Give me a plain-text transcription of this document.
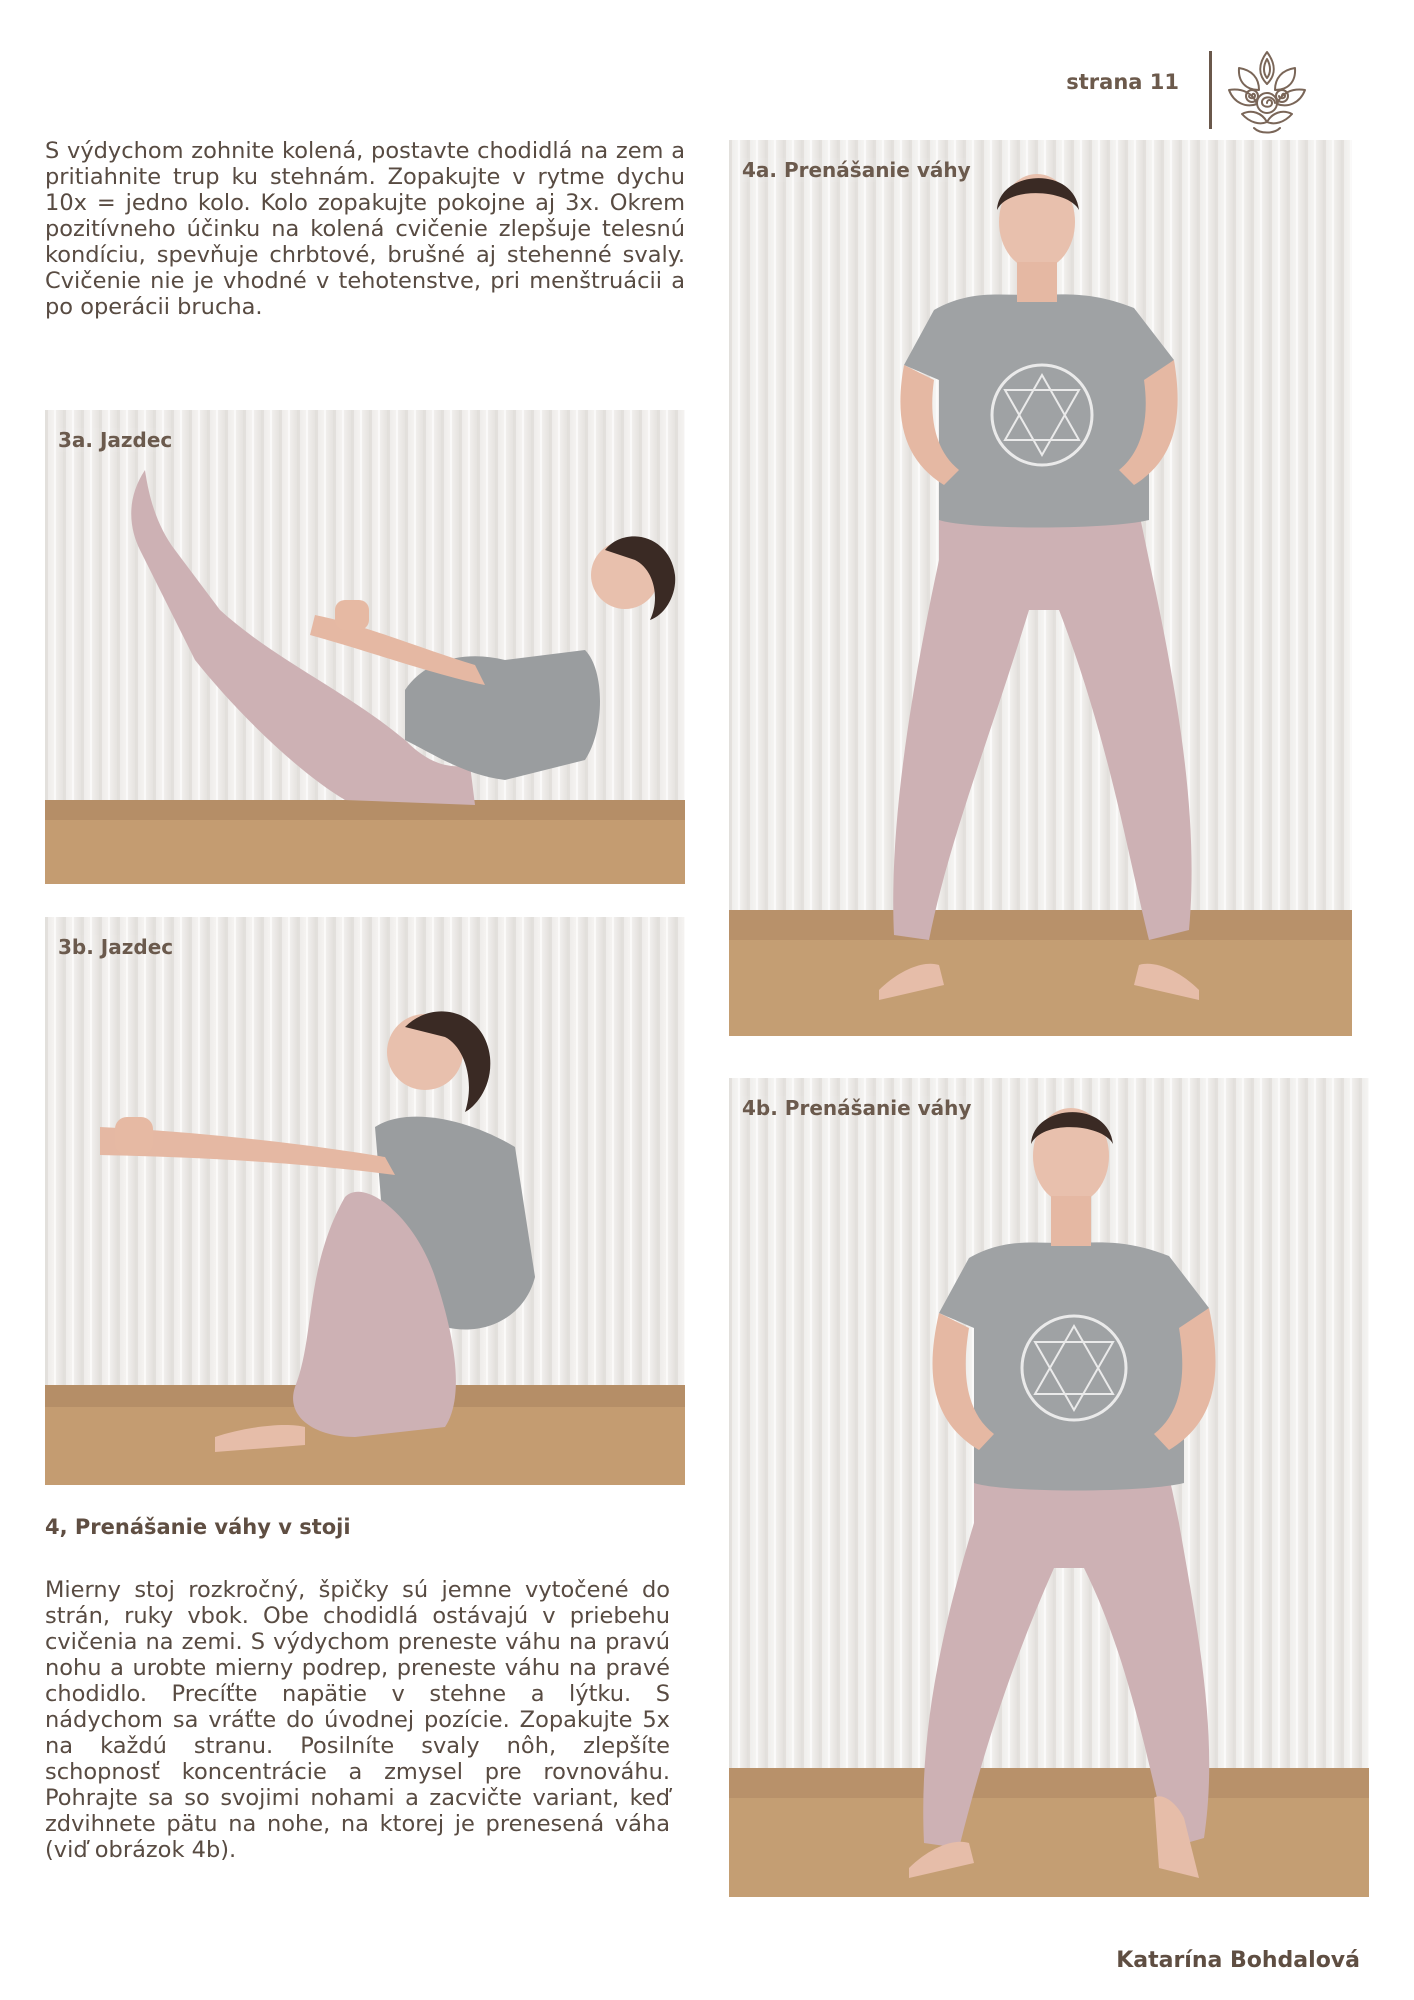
strana 11

S výdychom zohnite kolená, postavte chodidlá na zem a pritiahnite trup ku stehnám. Zopakujte v rytme dychu 10x = jedno kolo. Kolo zopakujte pokojne aj 3x. Okrem pozitívneho účinku na kolená cvičenie zlepšuje telesnú kondíciu, spevňuje chrbtové, brušné aj stehenné svaly. Cvičenie nie je vhodné v tehotenstve, pri menštruácii a po operácii brucha.

3a. Jazdec
3b. Jazdec
4a. Prenášanie váhy
4b. Prenášanie váhy
4, Prenášanie váhy v stoji

Mierny stoj rozkročný, špičky sú jemne vytočené do strán, ruky vbok. Obe chodidlá ostávajú v priebehu cvičenia na zemi. S výdychom preneste váhu na pravú nohu a urobte mierny podrep, preneste váhu na pravé chodidlo. Precíťte napätie v stehne a lýtku. S nádychom sa vráťte do úvodnej pozície. Zopakujte 5x na každú stranu. Posilníte svaly nôh, zlepšíte schopnosť koncentrácie a zmysel pre rovnováhu. Pohrajte sa so svojimi nohami a zacvičte variant, keď zdvihnete pätu na nohe, na ktorej je prenesená váha (viď obrázok 4b).

Katarína Bohdalová
